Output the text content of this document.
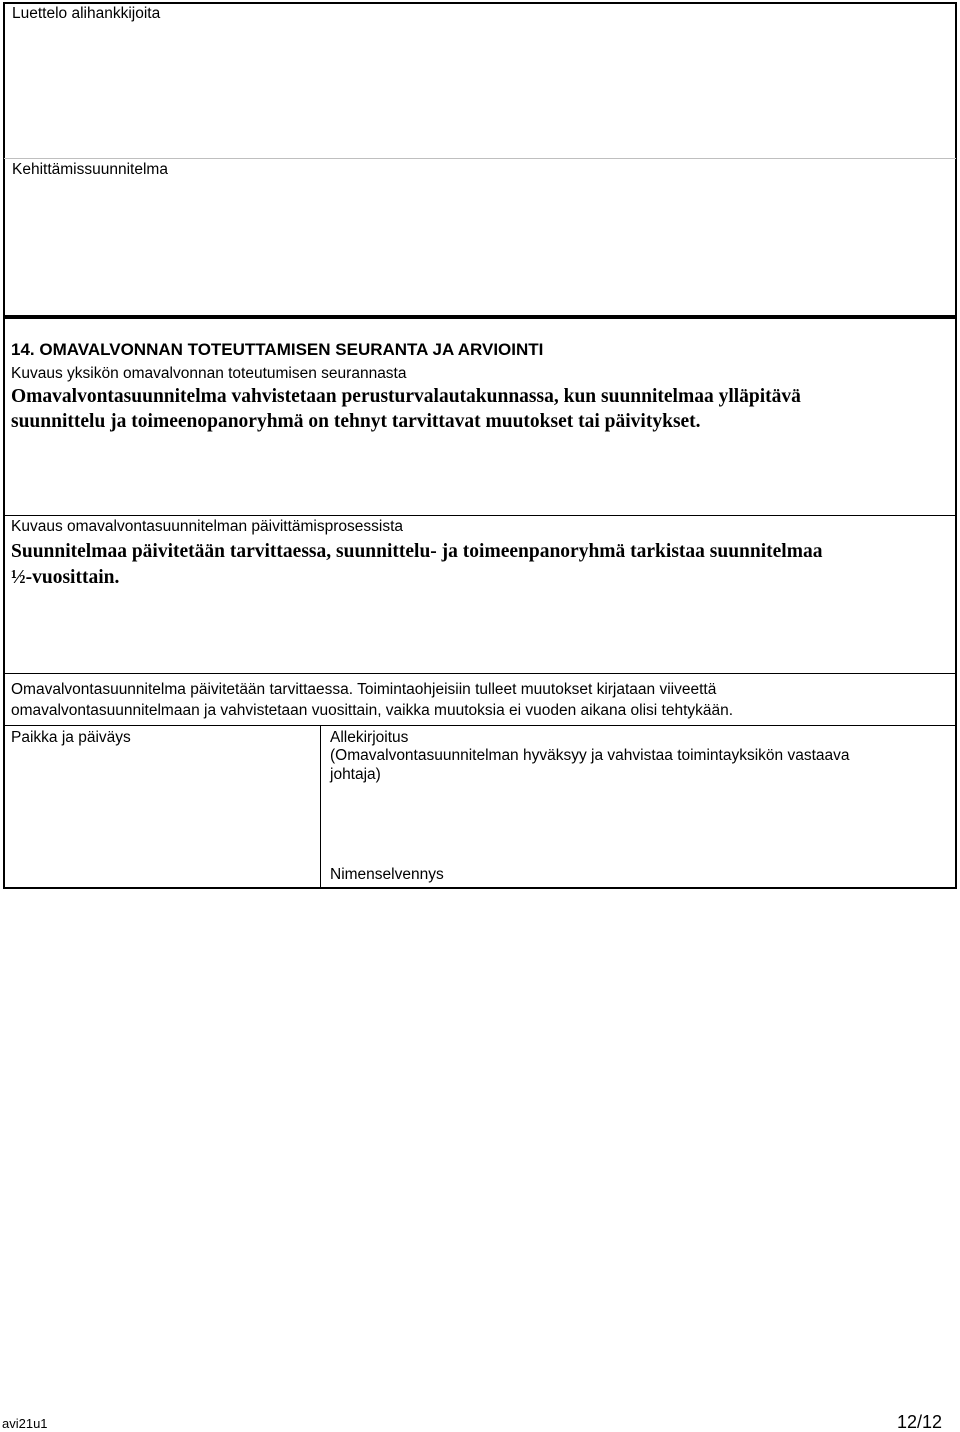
Luettelo alihankkijoita
Kehittämissuunnitelma
14. OMAVALVONNAN TOTEUTTAMISEN SEURANTA JA ARVIOINTI
Kuvaus yksikön omavalvonnan toteutumisen seurannasta
Omavalvontasuunnitelma vahvistetaan perusturvalautakunnassa, kun suunnitelmaa ylläpitävä
suunnittelu ja toimeenopanoryhmä on tehnyt tarvittavat muutokset tai päivitykset.
Kuvaus omavalvontasuunnitelman päivittämisprosessista
Suunnitelmaa päivitetään tarvittaessa, suunnittelu- ja toimeenpanoryhmä tarkistaa suunnitelmaa
½-vuosittain.
Omavalvontasuunnitelma päivitetään tarvittaessa. Toimintaohjeisiin tulleet muutokset kirjataan viiveettä
omavalvontasuunnitelmaan ja vahvistetaan vuosittain, vaikka muutoksia ei vuoden aikana olisi tehtykään.
Paikka ja päiväys	Allekirjoitus
(Omavalvontasuunnitelman hyväksyy ja vahvistaa toimintayksikön vastaava
johtaja)
Nimenselvennys
avi21u1	12/12
